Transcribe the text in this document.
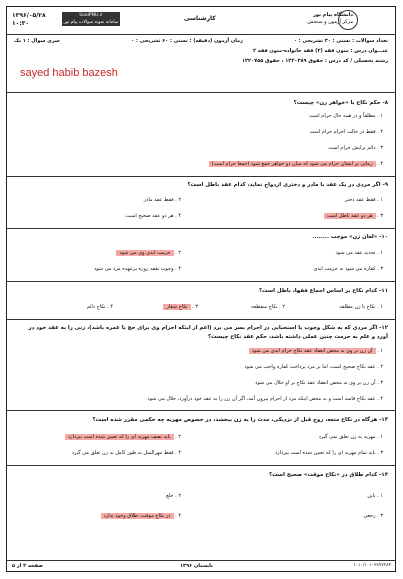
دانشگاه پیام نور
مرکز آزمون و سنجش
کارشناسی
SoalPNU.ir
سامانه نمونه سوالات پیام نور
۱۳۹۶/۰۵/۲۸
۱۰:۳۰
تعداد سوالات : تستی : ۳۰ تشریحی : ۰
زمان آزمون (دقیقه) : تستی : ۶۰ تشریحی : ۰
سری سوال : ۱ یک
عنـــوان درس : متون فقه (۲) فقه خانواده-متون فقه ۲
رشته تحصیلی / کد درس : حقوق ۱۲۲۰۲۸۹ ، حقوق ۱۲۲۰۷۵۵
sayed habib bazesh
۸- حکم نکاح با «خواهر زن» چیست؟
۱ . مطلقاً و در همه حال حرام است
۲ . فقط در حالت احرام حرام است
۳ . دائم برایش حرام است
۴ . زمانی بر ایشان حرام می شود که میان دو خواهر جمع شود (جمعا حرام است)
۹- اگر مردی در یک عقد با مادر و دختری ازدواج نماید، کدام عقد باطل است؟
۱ . فقط عقد دختر
۲ . فقط عقد مادر
۳ . هر دو عقد باطل است
۴ . هر دو عقد صحیح است.
۱۰- «لعان زن» موجب ........
۱ . تجدید عقد می شود
۲ . حرمت ابدی وی می شود
۳ . کفاره می شود نه حرمت ابدی
۴ . وجوب نفقه روزه برعهده مرد می شود
۱۱- کدام نکاح بر اساس اجماع فقها، باطل است؟
۱ . نکاح با زن مطلقه
۲ . نکاح منقطعه
۳ . نکاح شغار
۴ . نکاح دائم
۱۲- اگر مردی که به شکل وجوب یا استحبابی در احرام بسر می برد (اعم از اینکه احرام وی برای حج یا عمره باشد)، زنی را به عقد خود در آورد و علم به حرمت چنین عملی داشته باشد، حکم عقد نکاح چیست؟
۱ . آن زن بر وی به محض انعقاد عقد نکاح حرام ابدی می شود
۲ . عقد نکاح صحیح است، اما بر مرد پرداخت کفاره واجب می شود
۳ . آن زن بر وی به محض انعقاد عقد نکاح بر او حلال می شود
۴ . عقد نکاح فاسد است و به محض اینکه مرد از احرام بیرون آمد، اگر آن زن را به عقد خود درآورد، حلال می شود
۱۳- هرگاه در نکاح متعه، زوج قبل از نزدیکی، مدت را به زن ببخشد، در خصوص مهریه چه حکمی مقرر شده است؟
۱ . مهریه به زن تعلق نمی گیرد
۲ . باید نصف مهریه ای را که تعیین شده است بپردازد
۳ . باید تمام مهریه ای را که تعیین شده است بپردازد
۴ . فقط مهرالمثل به طور کامل به زن تعلق می گیرد
۱۴- کدام طلاق در «نکاح موقت» صحیح است؟
۱ . باین
۲ . خلع
۳ . رجعی
۴ . در نکاح موقت، طلاق وجود ندارد
صفحه ۲ از ۵	تابستان ۱۳۹۶	۱۰۱۰/۱۰۱۰۲۸۹۷۳۸۴
